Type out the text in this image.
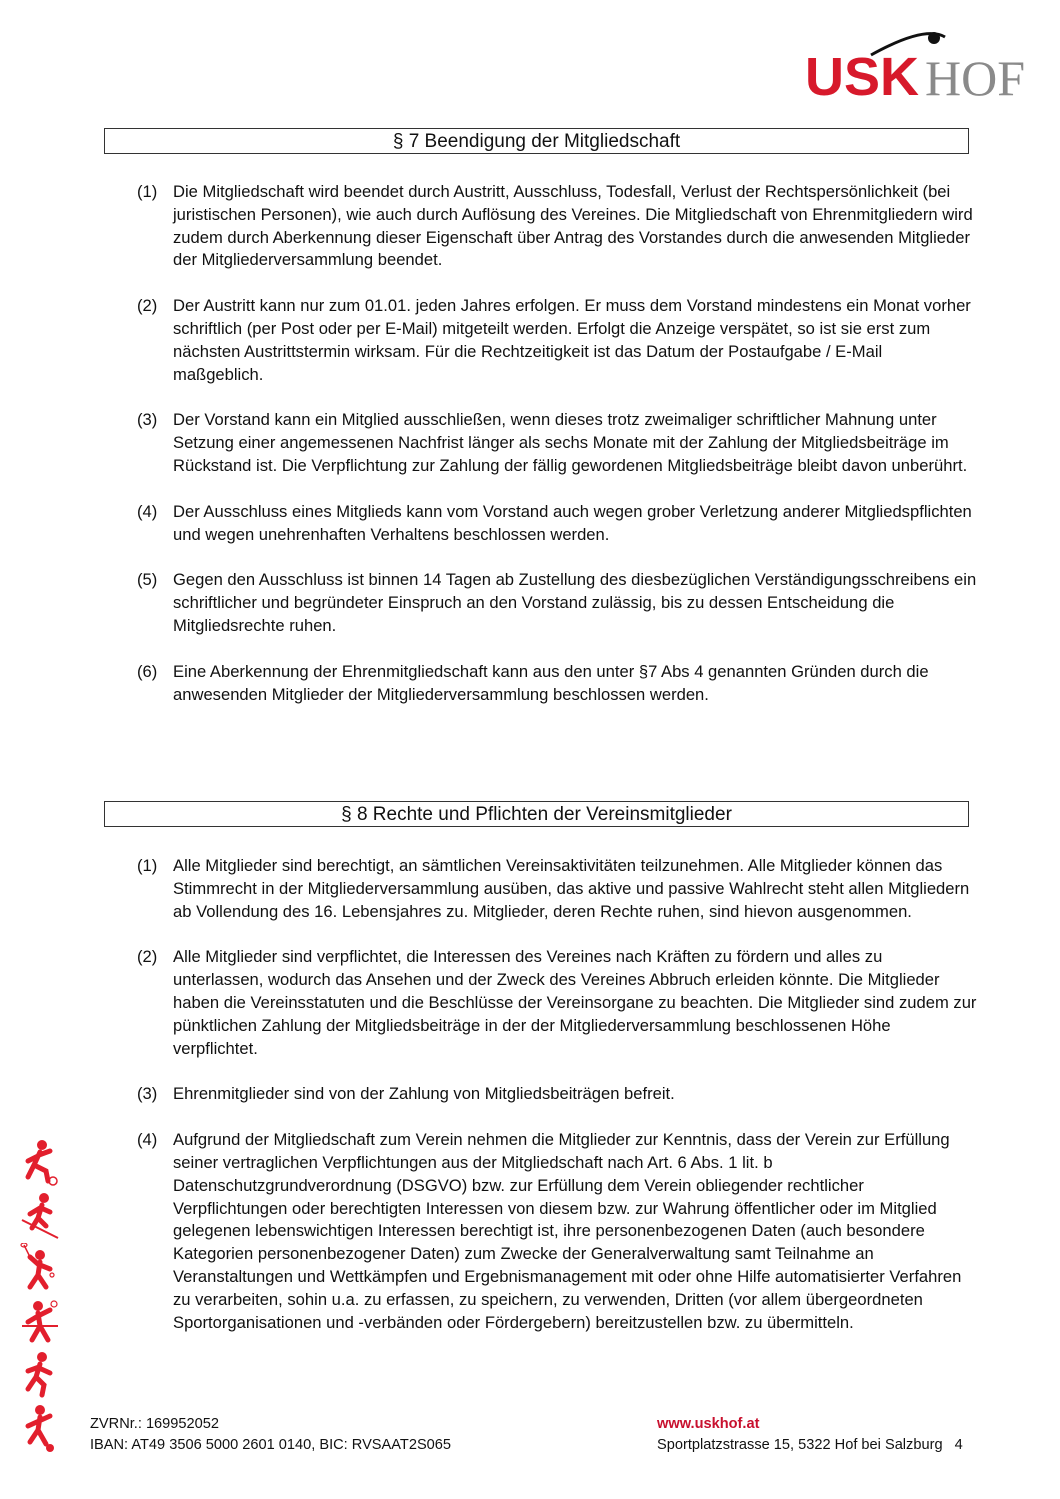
USK HOF
§ 7 Beendigung der Mitgliedschaft
(1) Die Mitgliedschaft wird beendet durch Austritt, Ausschluss, Todesfall, Verlust der Rechtspersönlichkeit (bei juristischen Personen), wie auch durch Auflösung des Vereines. Die Mitgliedschaft von Ehrenmitgliedern wird zudem durch Aberkennung dieser Eigenschaft über Antrag des Vorstandes durch die anwesenden Mitglieder der Mitgliederversammlung beendet.
(2) Der Austritt kann nur zum 01.01. jeden Jahres erfolgen. Er muss dem Vorstand mindestens ein Monat vorher schriftlich (per Post oder per E-Mail) mitgeteilt werden. Erfolgt die Anzeige verspätet, so ist sie erst zum nächsten Austrittstermin wirksam. Für die Rechtzeitigkeit ist das Datum der Postaufgabe / E-Mail maßgeblich.
(3) Der Vorstand kann ein Mitglied ausschließen, wenn dieses trotz zweimaliger schriftlicher Mahnung unter Setzung einer angemessenen Nachfrist länger als sechs Monate mit der Zahlung der Mitgliedsbeiträge im Rückstand ist. Die Verpflichtung zur Zahlung der fällig gewordenen Mitgliedsbeiträge bleibt davon unberührt.
(4) Der Ausschluss eines Mitglieds kann vom Vorstand auch wegen grober Verletzung anderer Mitgliedspflichten und wegen unehrenhaften Verhaltens beschlossen werden.
(5) Gegen den Ausschluss ist binnen 14 Tagen ab Zustellung des diesbezüglichen Verständigungsschreibens ein schriftlicher und begründeter Einspruch an den Vorstand zulässig, bis zu dessen Entscheidung die Mitgliedsrechte ruhen.
(6) Eine Aberkennung der Ehrenmitgliedschaft kann aus den unter §7 Abs 4 genannten Gründen durch die anwesenden Mitglieder der Mitgliederversammlung beschlossen werden.
§ 8 Rechte und Pflichten der Vereinsmitglieder
(1) Alle Mitglieder sind berechtigt, an sämtlichen Vereinsaktivitäten teilzunehmen. Alle Mitglieder können das Stimmrecht in der Mitgliederversammlung ausüben, das aktive und passive Wahlrecht steht allen Mitgliedern ab Vollendung des 16. Lebensjahres zu. Mitglieder, deren Rechte ruhen, sind hievon ausgenommen.
(2) Alle Mitglieder sind verpflichtet, die Interessen des Vereines nach Kräften zu fördern und alles zu unterlassen, wodurch das Ansehen und der Zweck des Vereines Abbruch erleiden könnte. Die Mitglieder haben die Vereinsstatuten und die Beschlüsse der Vereinsorgane zu beachten. Die Mitglieder sind zudem zur pünktlichen Zahlung der Mitgliedsbeiträge in der der Mitgliederversammlung beschlossenen Höhe verpflichtet.
(3) Ehrenmitglieder sind von der Zahlung von Mitgliedsbeiträgen befreit.
(4) Aufgrund der Mitgliedschaft zum Verein nehmen die Mitglieder zur Kenntnis, dass der Verein zur Erfüllung seiner vertraglichen Verpflichtungen aus der Mitgliedschaft nach Art. 6 Abs. 1 lit. b Datenschutzgrundverordnung (DSGVO) bzw. zur Erfüllung dem Verein obliegender rechtlicher Verpflichtungen oder berechtigten Interessen von diesem bzw. zur Wahrung öffentlicher oder im Mitglied gelegenen lebenswichtigen Interessen berechtigt ist, ihre personenbezogenen Daten (auch besondere Kategorien personenbezogener Daten) zum Zwecke der Generalverwaltung samt Teilnahme an Veranstaltungen und Wettkämpfen und Ergebnismanagement mit oder ohne Hilfe automatisierter Verfahren zu verarbeiten, sohin u.a. zu erfassen, zu speichern, zu verwenden, Dritten (vor allem übergeordneten Sportorganisationen und -verbänden oder Fördergebern) bereitzustellen bzw. zu übermitteln.
ZVRNr.: 169952052
IBAN: AT49 3506 5000 2601 0140, BIC: RVSAAT2S065
www.uskhof.at
Sportplatzstrasse 15, 5322 Hof bei Salzburg 4
